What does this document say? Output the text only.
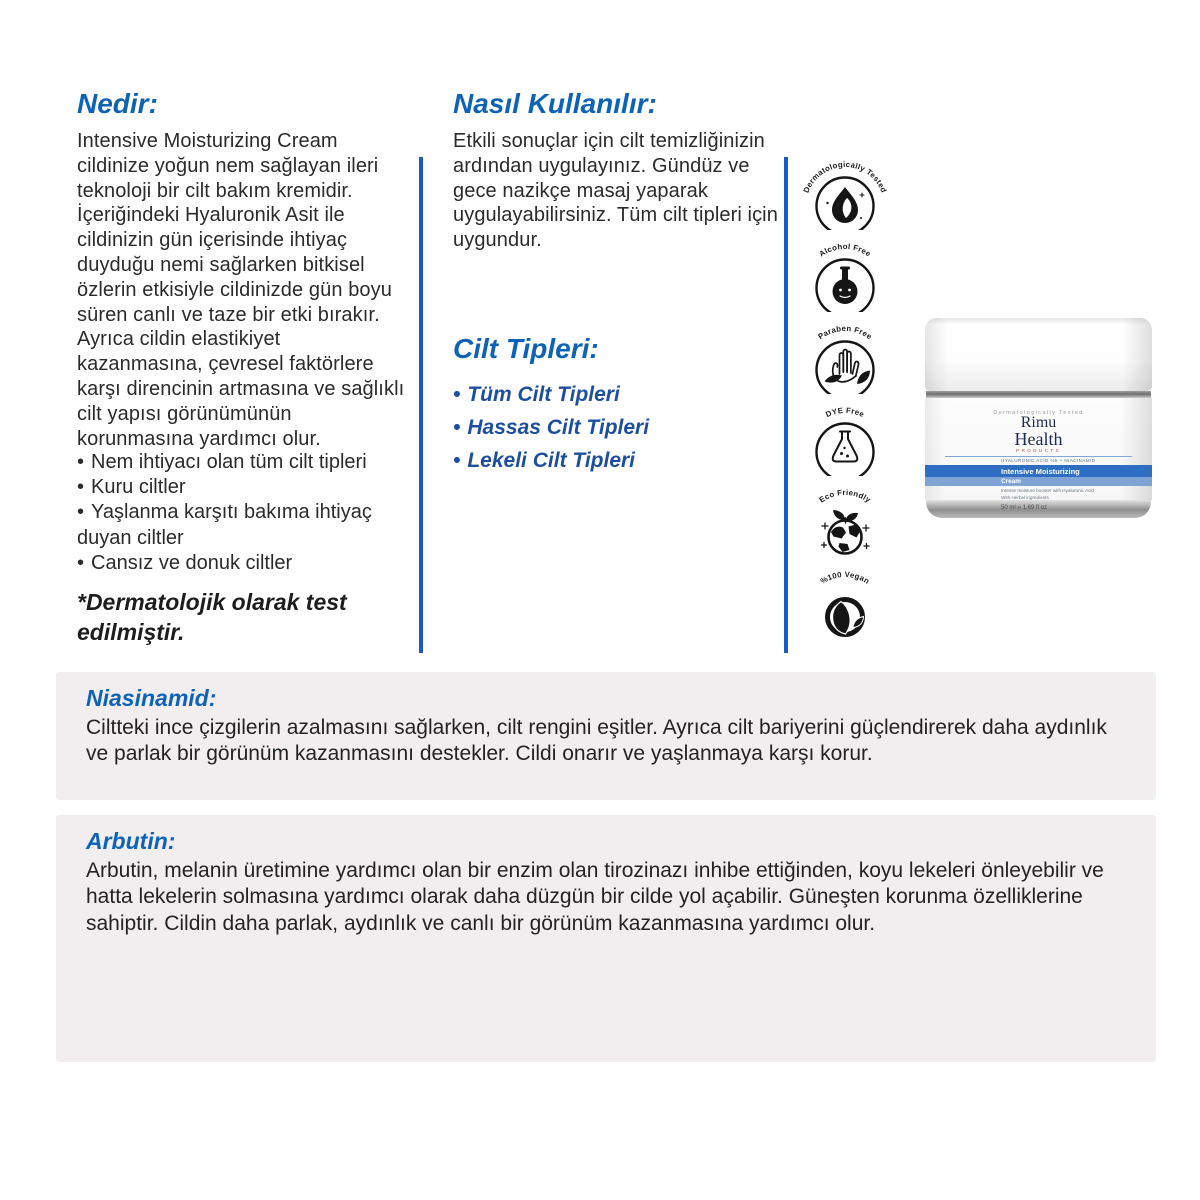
Nedir:

Intensive Moisturizing Cream cildinize yoğun nem sağlayan ileri teknoloji bir cilt bakım kremidir. İçeriğindeki Hyaluronik Asit ile cildinizin gün içerisinde ihtiyaç duyduğu nemi sağlarken bitkisel özlerin etkisiyle cildinizde gün boyu süren canlı ve taze bir etki bırakır. Ayrıca cildin elastikiyet kazanmasına, çevresel faktörlere karşı direncinin artmasına ve sağlıklı cilt yapısı görünümünün korunmasına yardımcı olur.

• Nem ihtiyacı olan tüm cilt tipleri

• Kuru ciltler

• Yaşlanma karşıtı bakıma ihtiyaç duyan ciltler

• Cansız ve donuk ciltler

*Dermatolojik olarak test edilmiştir.

Nasıl Kullanılır:

Etkili sonuçlar için cilt temizliğinizin ardından uygulayınız. Gündüz ve gece nazikçe masaj yaparak uygulayabilirsiniz. Tüm cilt tipleri için uygundur.

Cilt Tipleri:

• Tüm Cilt Tipleri

• Hassas Cilt Tipleri

• Lekeli Cilt Tipleri

Dermatologically Tested
Alcohol Free
Paraben Free
DYE Free
Eco Friendly
%100 Vegan
Dermatologically Tested
Rimu
Health
PRODUCTS
HYALURONIC ACID %5 + NIACINAMID
Intensive Moisturizing
Cream
Intense moisture booster with Hyaluronic Acid
With Herbal ingredients
50 ml ℮ 1.69 fl oz
Niasinamid:

Ciltteki ince çizgilerin azalmasını sağlarken, cilt rengini eşitler. Ayrıca cilt bariyerini güçlendirerek daha aydınlık ve parlak bir görünüm kazanmasını destekler. Cildi onarır ve yaşlanmaya karşı korur.

Arbutin:

Arbutin, melanin üretimine yardımcı olan bir enzim olan tirozinazı inhibe ettiğinden, koyu lekeleri önleyebilir ve hatta lekelerin solmasına yardımcı olarak daha düzgün bir cilde yol açabilir. Güneşten korunma özelliklerine sahiptir. Cildin daha parlak, aydınlık ve canlı bir görünüm kazanmasına yardımcı olur.
